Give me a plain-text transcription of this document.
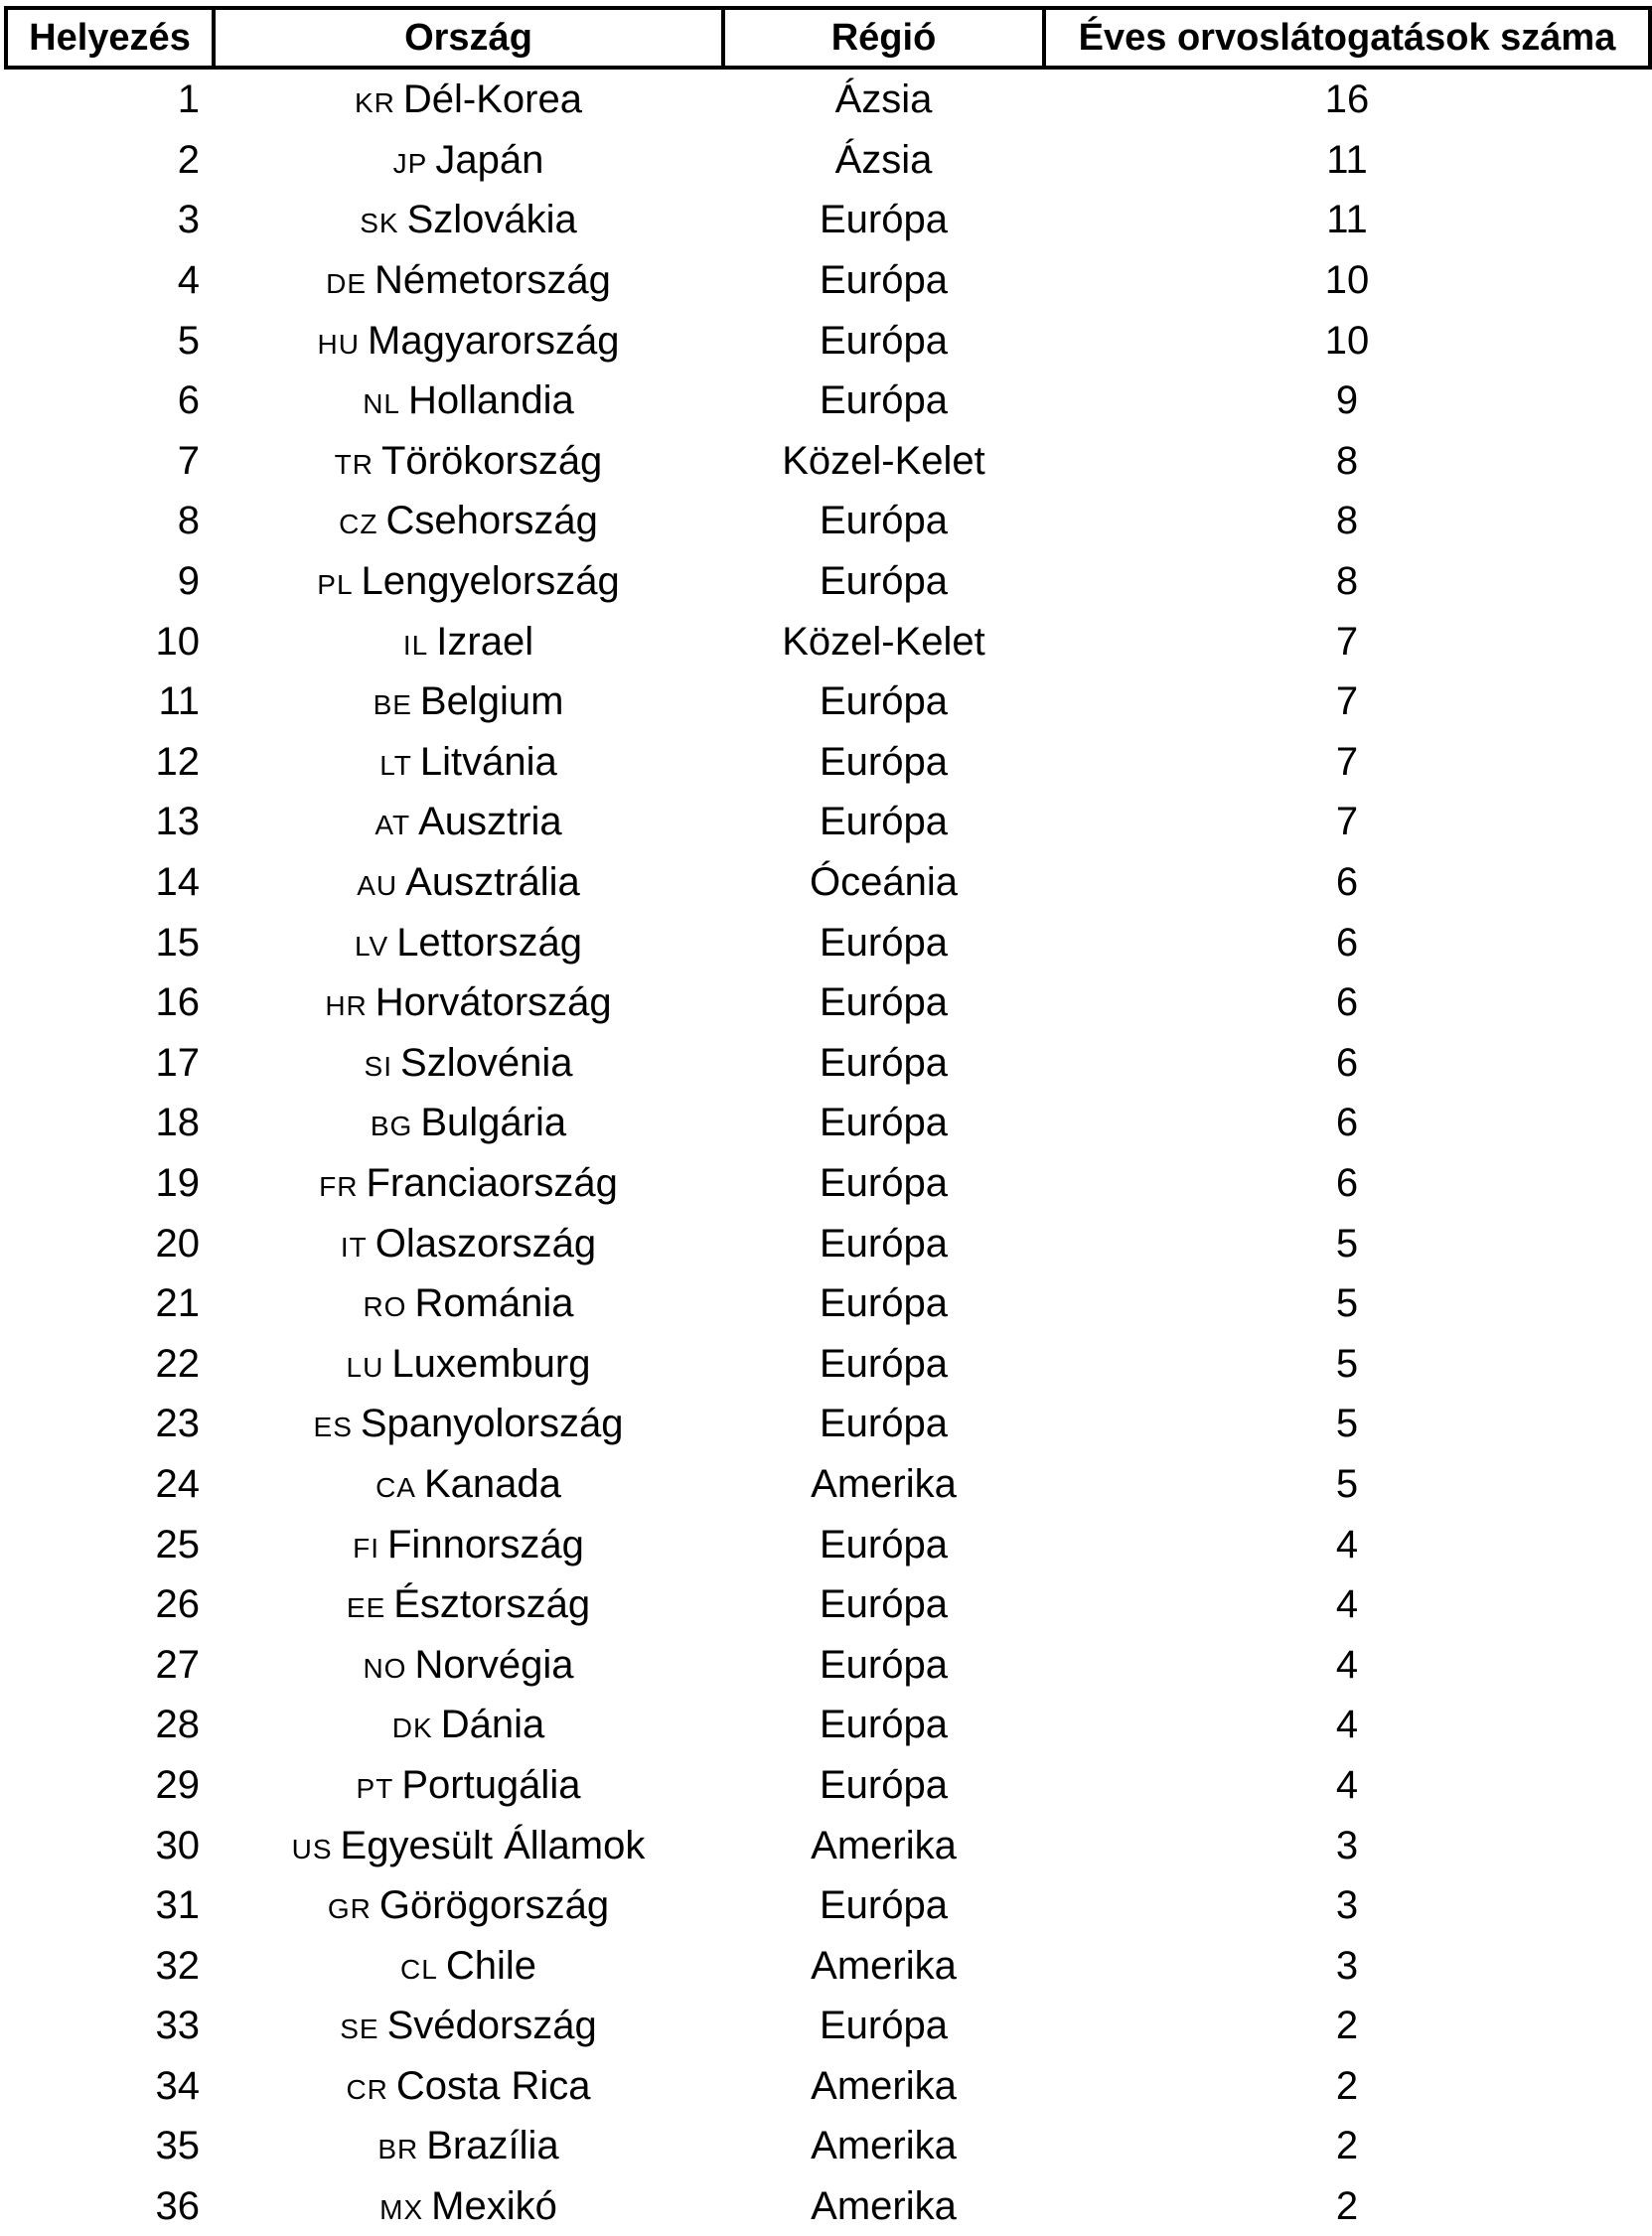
Helyezés	Ország	Régió	Éves orvoslátogatások száma
1	KR Dél-Korea	Ázsia	16
2	JP Japán	Ázsia	11
3	SK Szlovákia	Európa	11
4	DE Németország	Európa	10
5	HU Magyarország	Európa	10
6	NL Hollandia	Európa	9
7	TR Törökország	Közel-Kelet	8
8	CZ Csehország	Európa	8
9	PL Lengyelország	Európa	8
10	IL Izrael	Közel-Kelet	7
11	BE Belgium	Európa	7
12	LT Litvánia	Európa	7
13	AT Ausztria	Európa	7
14	AU Ausztrália	Óceánia	6
15	LV Lettország	Európa	6
16	HR Horvátország	Európa	6
17	SI Szlovénia	Európa	6
18	BG Bulgária	Európa	6
19	FR Franciaország	Európa	6
20	IT Olaszország	Európa	5
21	RO Románia	Európa	5
22	LU Luxemburg	Európa	5
23	ES Spanyolország	Európa	5
24	CA Kanada	Amerika	5
25	FI Finnország	Európa	4
26	EE Észtország	Európa	4
27	NO Norvégia	Európa	4
28	DK Dánia	Európa	4
29	PT Portugália	Európa	4
30	US Egyesült Államok	Amerika	3
31	GR Görögország	Európa	3
32	CL Chile	Amerika	3
33	SE Svédország	Európa	2
34	CR Costa Rica	Amerika	2
35	BR Brazília	Amerika	2
36	MX Mexikó	Amerika	2
